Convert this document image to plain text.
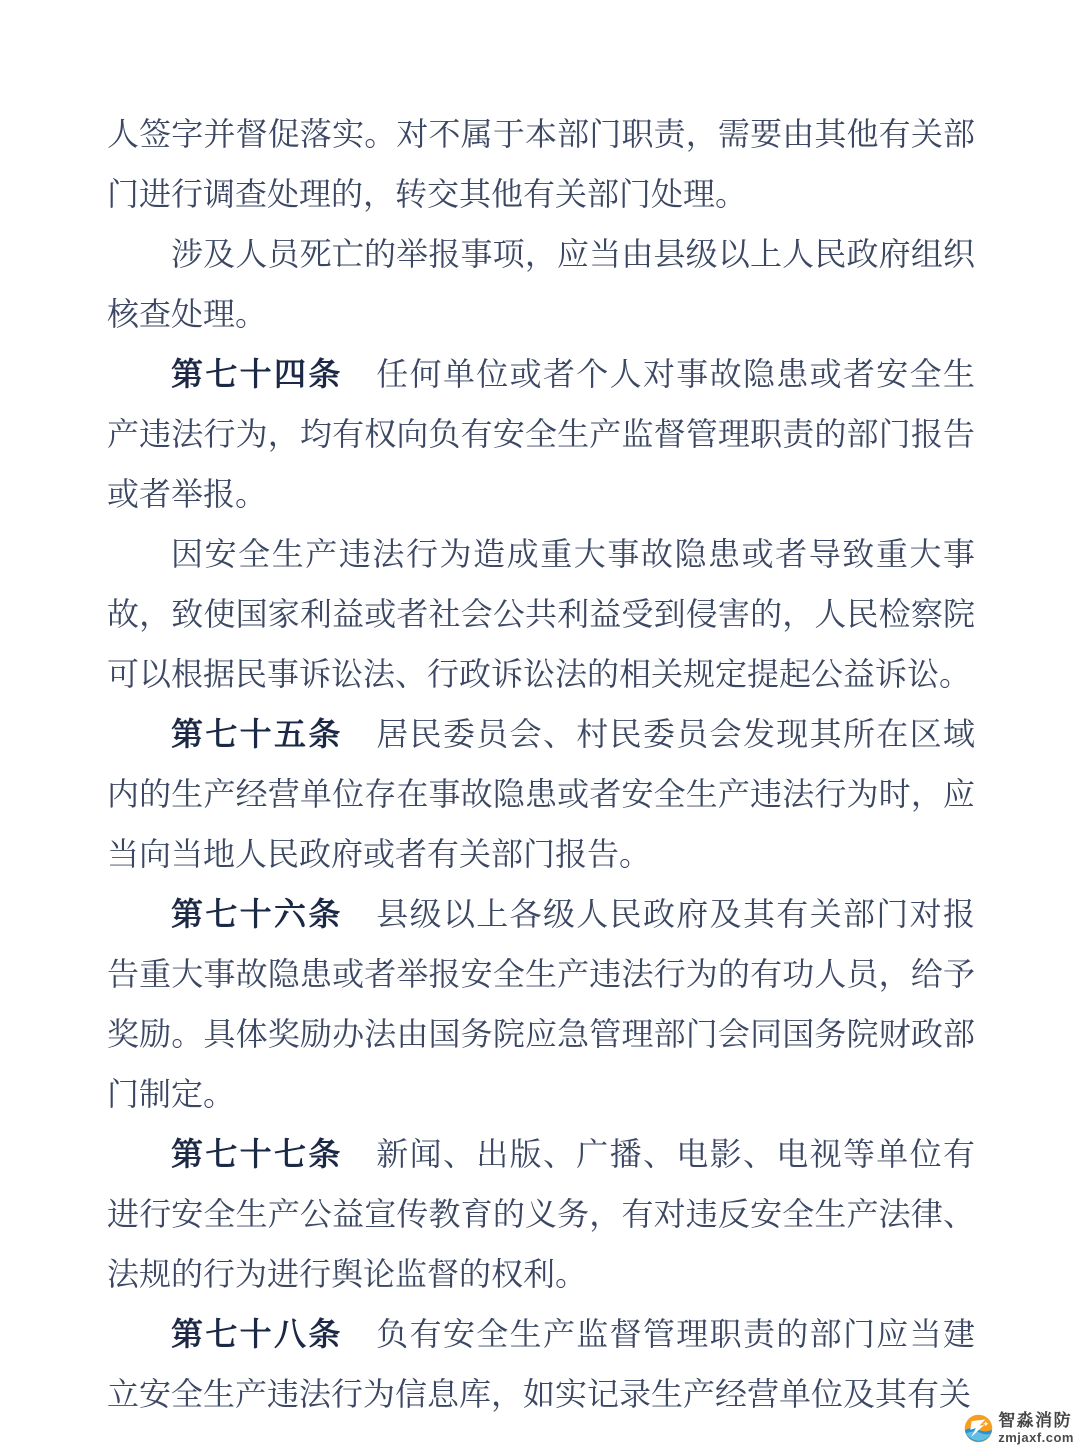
人签字并督促落实。对不属于本部门职责，需要由其他有关部门进行调查处理的，转交其他有关部门处理。

涉及人员死亡的举报事项，应当由县级以上人民政府组织核查处理。

第七十四条 任何单位或者个人对事故隐患或者安全生产违法行为，均有权向负有安全生产监督管理职责的部门报告或者举报。

因安全生产违法行为造成重大事故隐患或者导致重大事故，致使国家利益或者社会公共利益受到侵害的，人民检察院可以根据民事诉讼法、行政诉讼法的相关规定提起公益诉讼。

第七十五条 居民委员会、村民委员会发现其所在区域内的生产经营单位存在事故隐患或者安全生产违法行为时，应当向当地人民政府或者有关部门报告。

第七十六条 县级以上各级人民政府及其有关部门对报告重大事故隐患或者举报安全生产违法行为的有功人员，给予奖励。具体奖励办法由国务院应急管理部门会同国务院财政部门制定。

第七十七条 新闻、出版、广播、电影、电视等单位有进行安全生产公益宣传教育的义务，有对违反安全生产法律、法规的行为进行舆论监督的权利。

第七十八条 负有安全生产监督管理职责的部门应当建立安全生产违法行为信息库，如实记录生产经营单位及其有关

智淼消防
zmjaxf.com
